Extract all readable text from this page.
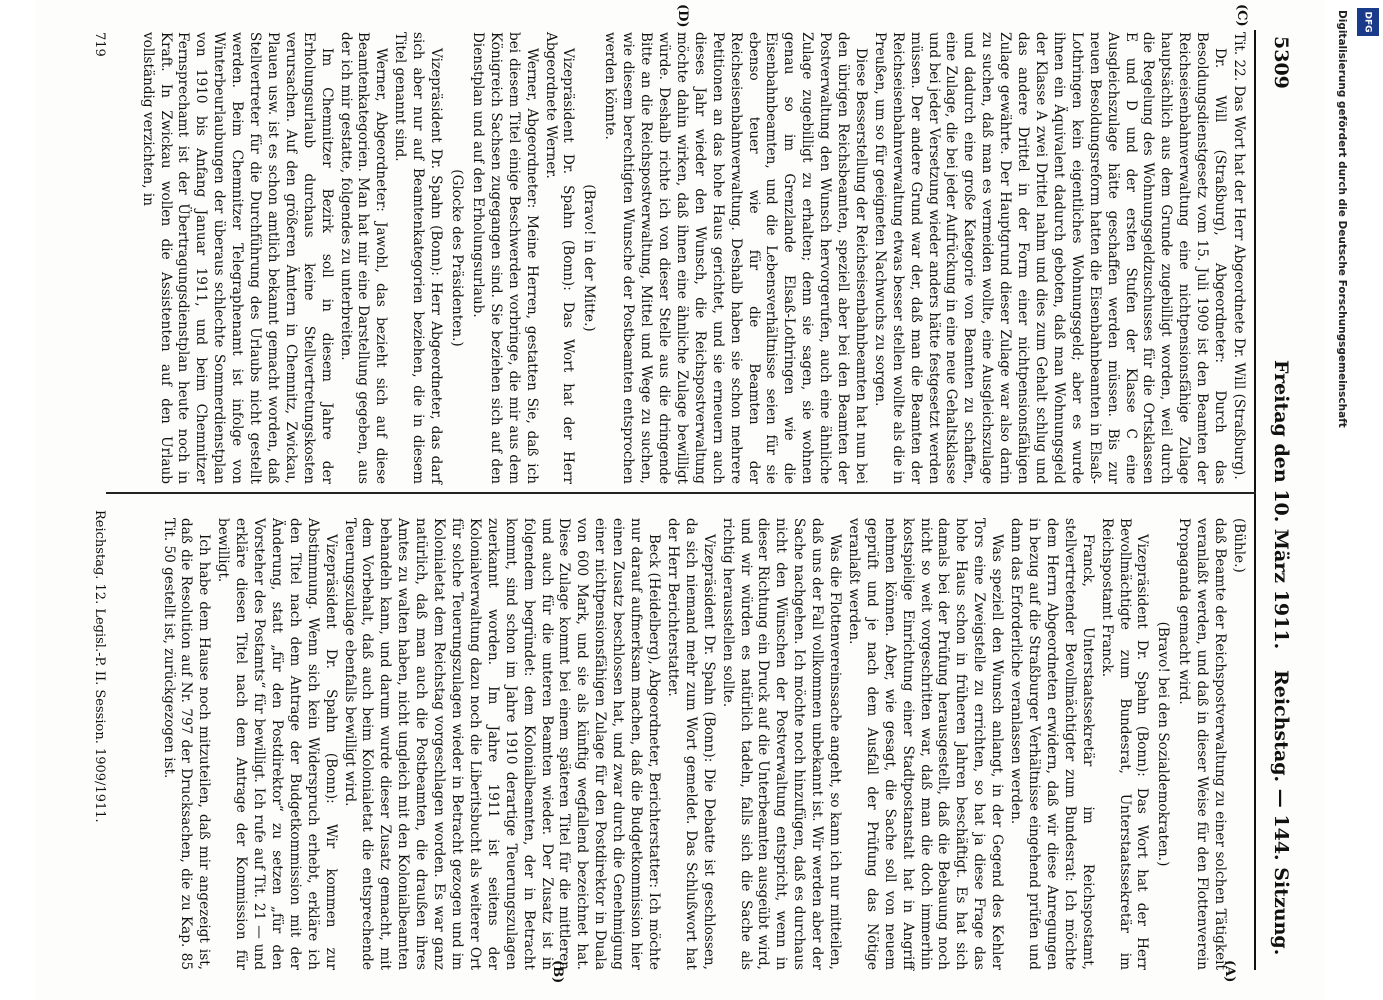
5309
Freitag den 10. März 1911.
Reichstag. — 144. Sitzung.
(C)
(D)
(A)
(B)

Tit. 22. Das Wort hat der Herr Abgeordnete Dr. Will (Straßburg).

Dr. Will (Straßburg), Abgeordneter: Durch das Besoldungsdienstgesetz vom 15. Juli 1909 ist den Beamten der Reichseisenbahnverwaltung eine nichtpensionsfähige Zulage hauptsächlich aus dem Grunde zugebilligt worden, weil durch die Regelung des Wohnungsgeldzuschusses für die Ortsklassen E und D und der ersten Stufen der Klasse C eine Ausgleichszulage hätte geschaffen werden müssen. Bis zur neuen Besoldungsreform hatten die Eisenbahnbeamten in Elsaß-Lothringen kein eigentliches Wohnungsgeld; aber es wurde ihnen ein Äquivalent dadurch geboten, daß man Wohnungsgeld der Klasse A zwei Drittel nahm und dies zum Gehalt schlug und das andere Drittel in der Form einer nichtpensionsfähigen Zulage gewährte. Der Hauptgrund dieser Zulage war also darin zu suchen, daß man es vermeiden wollte, eine Ausgleichszulage und dadurch eine große Kategorie von Beamten zu schaffen, eine Zulage, die bei jeder Aufrückung in eine neue Gehaltsklasse und bei jeder Versetzung wieder anders hätte festgesetzt werden müssen. Der andere Grund war der, daß man die Beamten der Reichseisenbahnverwaltung etwas besser stellen wollte als die in Preußen, um so für geeigneten Nachwuchs zu sorgen.

Diese Besserstellung der Reichseisenbahnbeamten hat nun bei den übrigen Reichsbeamten, speziell aber bei den Beamten der Postverwaltung den Wunsch hervorgerufen, auch eine ähnliche Zulage zugebilligt zu erhalten; denn sie sagen, sie wohnen genau so im Grenzlande Elsaß-Lothringen wie die Eisenbahnbeamten, und die Lebensverhältnisse seien für sie ebenso teuer wie für die Beamten der Reichseisenbahnverwaltung. Deshalb haben sie schon mehrere Petitionen an das hohe Haus gerichtet, und sie erneuern auch dieses Jahr wieder den Wunsch, die Reichspostverwaltung möchte dahin wirken, daß ihnen eine ähnliche Zulage bewilligt würde. Deshalb richte ich von dieser Stelle aus die dringende Bitte an die Reichspostverwaltung, Mittel und Wege zu suchen, wie diesem berechtigten Wunsche der Postbeamten entsprochen werden könnte.

(Bravo! in der Mitte.)

Vizepräsident Dr. Spahn (Bonn): Das Wort hat der Herr Abgeordnete Werner.

Werner, Abgeordneter: Meine Herren, gestatten Sie, daß ich bei diesem Titel einige Beschwerden vorbringe, die mir aus dem Königreich Sachsen zugegangen sind. Sie beziehen sich auf den Dienstplan und auf den Erholungsurlaub.

(Glocke des Präsidenten.)

Vizepräsident Dr. Spahn (Bonn): Herr Abgeordneter, das darf sich aber nur auf Beamtenkategorien beziehen, die in diesem Titel genannt sind.

Werner, Abgeordneter: Jawohl, das bezieht sich auf diese Beamtenkategorien. Man hat mir eine Darstellung gegeben, aus der ich mir gestatte, folgendes zu unterbreiten.

Im Chemnitzer Bezirk soll in diesem Jahre der Erholungsurlaub durchaus keine Stellvertretungskosten verursachen. Auf den größeren Ämtern in Chemnitz, Zwickau, Plauen usw. ist es schon amtlich bekannt gemacht worden, daß Stellvertreter für die Durchführung des Urlaubs nicht gestellt werden. Beim Chemnitzer Telegraphenamt ist infolge von Winterbeurlaubungen der überaus schlechte Sommerdienstplan von 1910 bis Anfang Januar 1911, und beim Chemnitzer Fernsprechamt ist der Übertragungsdienstplan heute noch in Kraft. In Zwickau wollen die Assistenten auf den Urlaub vollständig verzichten, in

(Bühle.)

daß Beamte der Reichspostverwaltung zu einer solchen Tätigkeit veranlaßt werden, und daß in dieser Weise für den Flottenverein Propaganda gemacht wird.

(Bravo! bei den Sozialdemokraten.)

Vizepräsident Dr. Spahn (Bonn): Das Wort hat der Herr Bevollmächtigte zum Bundesrat, Unterstaatssekretär im Reichspostamt Franck.

Franck, Unterstaatssekretär im Reichspostamt, stellvertretender Bevollmächtigter zum Bundesrat: Ich möchte dem Herrn Abgeordneten erwidern, daß wir diese Anregungen in bezug auf die Straßburger Verhältnisse eingehend prüfen und dann das Erforderliche veranlassen werden.

Was speziell den Wunsch anlangt, in der Gegend des Kehler Tors eine Zweigstelle zu errichten, so hat ja diese Frage das hohe Haus schon in früheren Jahren beschäftigt. Es hat sich damals bei der Prüfung herausgestellt, daß die Bebauung noch nicht so weit vorgeschritten war, daß man die doch immerhin kostspielige Einrichtung einer Stadtpostanstalt hat in Angriff nehmen können. Aber, wie gesagt, die Sache soll von neuem geprüft und je nach dem Ausfall der Prüfung das Nötige veranlaßt werden.

Was die Flottenvereinssache angeht, so kann ich nur mitteilen, daß uns der Fall vollkommen unbekannt ist. Wir werden aber der Sache nachgehen. Ich möchte noch hinzufügen, daß es durchaus nicht den Wünschen der Postverwaltung entspricht, wenn in dieser Richtung ein Druck auf die Unterbeamten ausgeübt wird, und wir würden es natürlich tadeln, falls sich die Sache als richtig herausstellen sollte.

Vizepräsident Dr. Spahn (Bonn): Die Debatte ist geschlossen, da sich niemand mehr zum Wort gemeldet. Das Schlußwort hat der Herr Berichterstatter.

Beck (Heidelberg), Abgeordneter, Berichterstatter: Ich möchte nur darauf aufmerksam machen, daß die Budgetkommission hier einen Zusatz beschlossen hat, und zwar durch die Genehmigung einer nichtpensionsfähigen Zulage für den Postdirektor in Duala von 600 Mark, und sie als künftig wegfallend bezeichnet hat. Diese Zulage kommt bei einem späteren Titel für die mittleren und auch für die unteren Beamten wieder. Der Zusatz ist in folgendem begründet: dem Kolonialbeamten, der in Betracht kommt, sind schon im Jahre 1910 derartige Teuerungszulagen zuerkannt worden. Im Jahre 1911 ist seitens der Kolonialverwaltung dazu noch die Liberitsbucht als weiterer Ort für solche Teuerungszulagen wieder in Betracht gezogen und im Kolonialetat dem Reichstag vorgeschlagen worden. Es war ganz natürlich, daß man auch die Postbeamten, die draußen ihres Amtes zu walten haben, nicht ungleich mit den Kolonialbeamten behandeln kann, und darum wurde dieser Zusatz gemacht, mit dem Vorbehalt, daß auch beim Kolonialetat die entsprechende Teuerungszulage ebenfalls bewilligt wird.

Vizepräsident Dr. Spahn (Bonn): Wir kommen zur Abstimmung. Wenn sich kein Widerspruch erhebt, erkläre ich den Titel nach dem Antrage der Budgetkommission mit der Änderung, statt „für den Postdirektor“ zu setzen „für den Vorsteher des Postamts“ für bewilligt. Ich rufe auf Tit. 21 — und erkläre diesen Titel nach dem Antrage der Kommission für bewilligt.

Ich habe dem Hause noch mitzuteilen, daß mir angezeigt ist, daß die Resolution auf Nr. 797 der Drucksachen, die zu Kap. 85 Tit. 50 gestellt ist, zurückgezogen ist.

Reichstag. 12. Legisl.-P. II. Session. 1909/1911.
719
DFG
Digitalisierung gefördert durch die Deutsche Forschungsgemeinschaft
